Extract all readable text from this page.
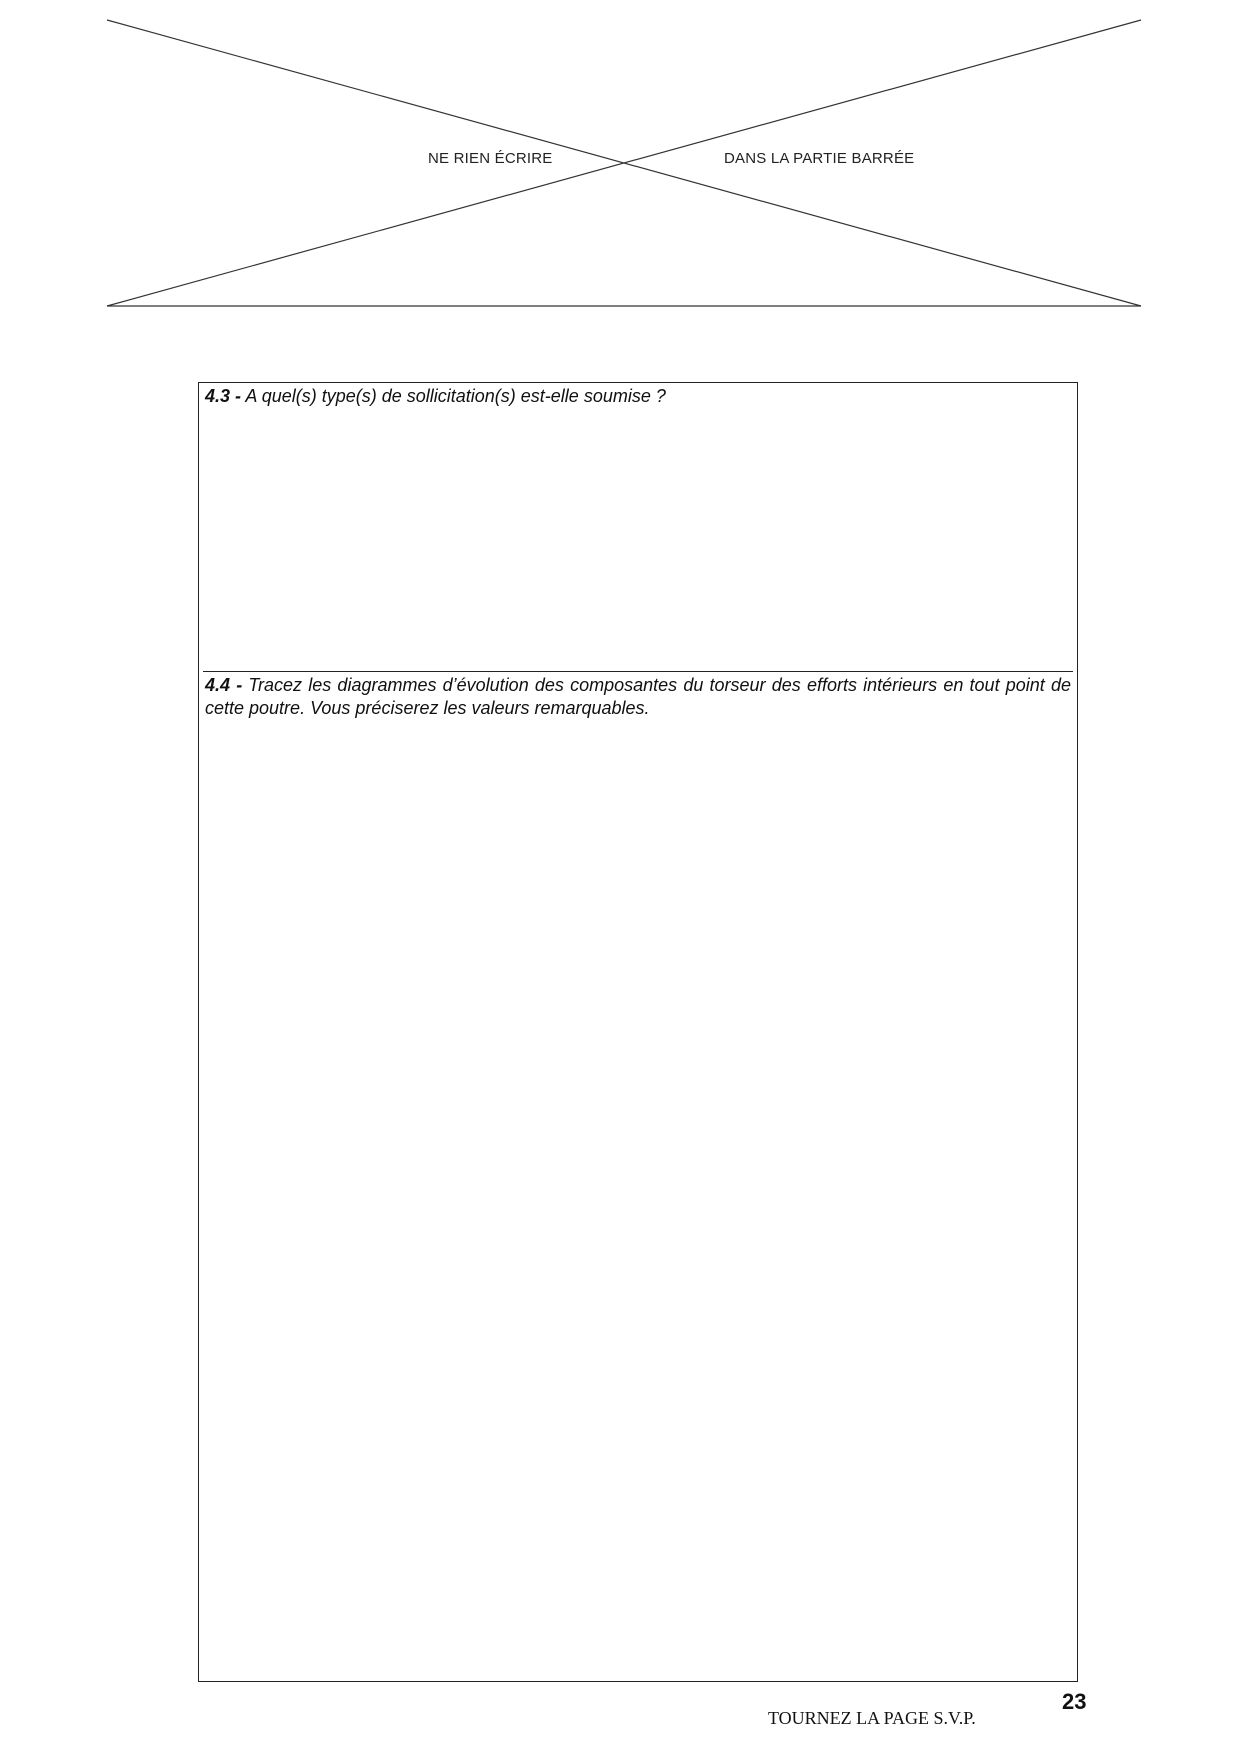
NE RIEN ÉCRIRE	DANS LA PARTIE BARRÉE
4.3 - A quel(s) type(s) de sollicitation(s) est-elle soumise ?
4.4 - Tracez les diagrammes d’évolution des composantes du torseur des efforts intérieurs en tout point de cette poutre. Vous préciserez les valeurs remarquables.
TOURNEZ LA PAGE S.V.P.
23
